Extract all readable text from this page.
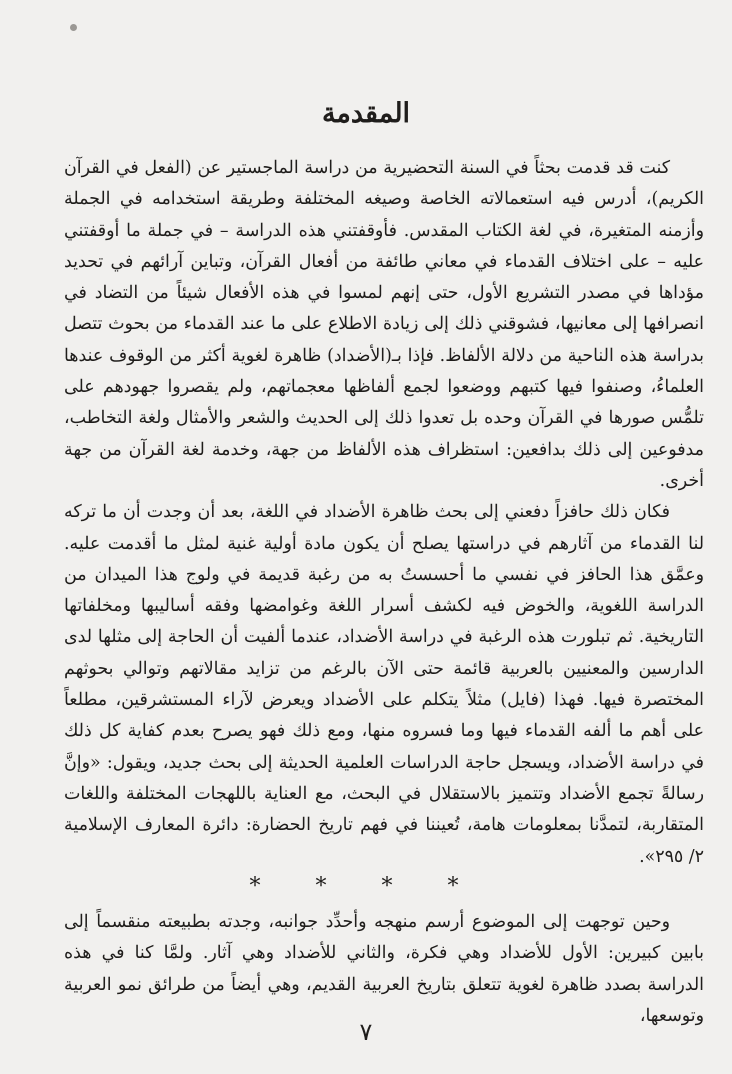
المقدمة

كنت قد قدمت بحثاً في السنة التحضيرية من دراسة الماجستير عن (الفعل في القرآن الكريم)، أدرس فيه استعمالاته الخاصة وصيغه المختلفة وطريقة استخدامه في الجملة وأزمنه المتغيرة، في لغة الكتاب المقدس. فأوقفتني هذه الدراسة – في جملة ما أوقفتني عليه – على اختلاف القدماء في معاني طائفة من أفعال القرآن، وتباين آرائهم في تحديد مؤداها في مصدر التشريع الأول، حتى إنهم لمسوا في هذه الأفعال شيئاً من التضاد في انصرافها إلى معانيها، فشوقني ذلك إلى زيادة الاطلاع على ما عند القدماء من بحوث تتصل بدراسة هذه الناحية من دلالة الألفاظ. فإذا بـ(الأضداد) ظاهرة لغوية أكثر من الوقوف عندها العلماءُ، وصنفوا فيها كتبهم ووضعوا لجمع ألفاظها معجماتهم، ولم يقصروا جهودهم على تلمُّس صورها في القرآن وحده بل تعدوا ذلك إلى الحديث والشعر والأمثال ولغة التخاطب، مدفوعين إلى ذلك بدافعين: استظراف هذه الألفاظ من جهة، وخدمة لغة القرآن من جهة أخرى.

فكان ذلك حافزاً دفعني إلى بحث ظاهرة الأضداد في اللغة، بعد أن وجدت أن ما تركه لنا القدماء من آثارهم في دراستها يصلح أن يكون مادة أولية غنية لمثل ما أقدمت عليه. وعمَّق هذا الحافز في نفسي ما أحسستُ به من رغبة قديمة في ولوج هذا الميدان من الدراسة اللغوية، والخوض فيه لكشف أسرار اللغة وغوامضها وفقه أساليبها ومخلفاتها التاريخية. ثم تبلورت هذه الرغبة في دراسة الأضداد، عندما ألفيت أن الحاجة إلى مثلها لدى الدارسين والمعنيين بالعربية قائمة حتى الآن بالرغم من تزايد مقالاتهم وتوالي بحوثهم المختصرة فيها. فهذا (فايل) مثلاً يتكلم على الأضداد ويعرض لآراء المستشرقين، مطلعاً على أهم ما ألفه القدماء فيها وما فسروه منها، ومع ذلك فهو يصرح بعدم كفاية كل ذلك في دراسة الأضداد، ويسجل حاجة الدراسات العلمية الحديثة إلى بحث جديد، ويقول: «وإنَّ رسالةً تجمع الأضداد وتتميز بالاستقلال في البحث، مع العناية باللهجات المختلفة واللغات المتقاربة، لتمدَّنا بمعلومات هامة، تُعيننا في فهم تاريخ الحضارة: دائرة المعارف الإسلامية ٢/ ٢٩٥».

* * * *

وحين توجهت إلى الموضوع أرسم منهجه وأحدِّد جوانبه، وجدته بطبيعته منقسماً إلى بابين كبيرين: الأول للأضداد وهي فكرة، والثاني للأضداد وهي آثار. ولمَّا كنا في هذه الدراسة بصدد ظاهرة لغوية تتعلق بتاريخ العربية القديم، وهي أيضاً من طرائق نمو العربية وتوسعها،

٧
